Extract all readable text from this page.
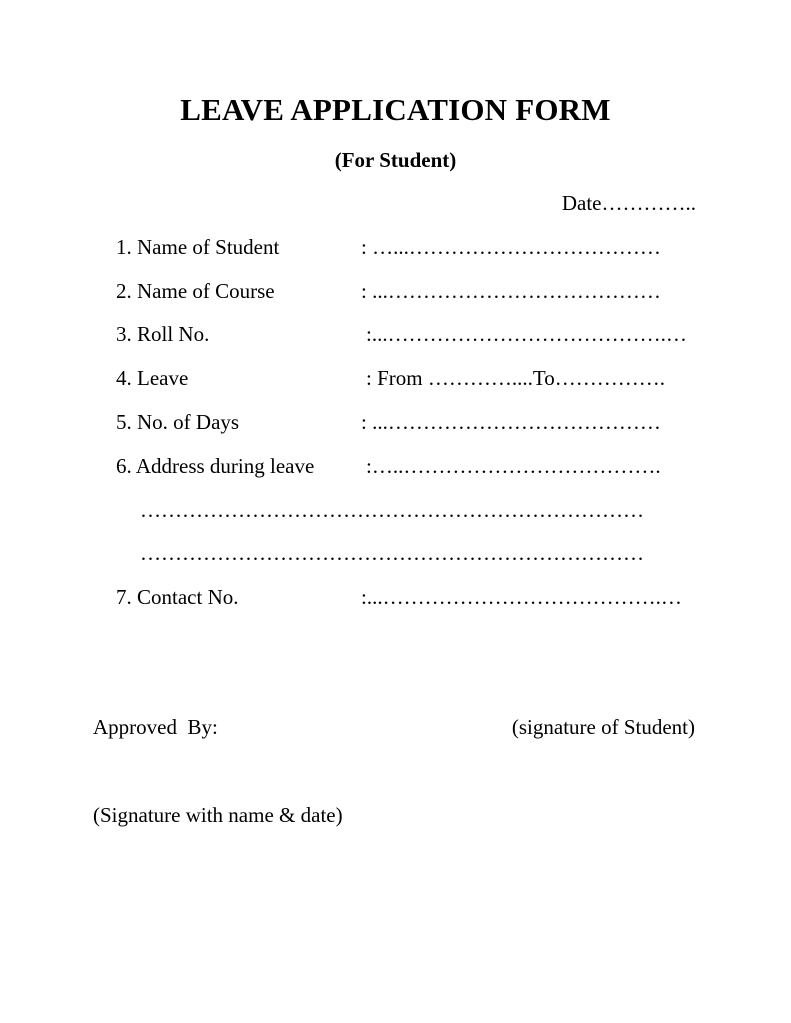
LEAVE APPLICATION FORM
(For Student)
Date…………..
1. Name of Student	: …...………………………………
2. Name of Course	: ...…………………………………
3. Roll No.	:...………………………………….…
4. Leave	: From …………....To…………….
5. No. of Days	: ...…………………………………
6. Address during leave :…..……………………………….
………………………………………………………………
………………………………………………………………
7. Contact No.	:...………………………………….…
Approved  By:	(signature of Student)
(Signature with name & date)
